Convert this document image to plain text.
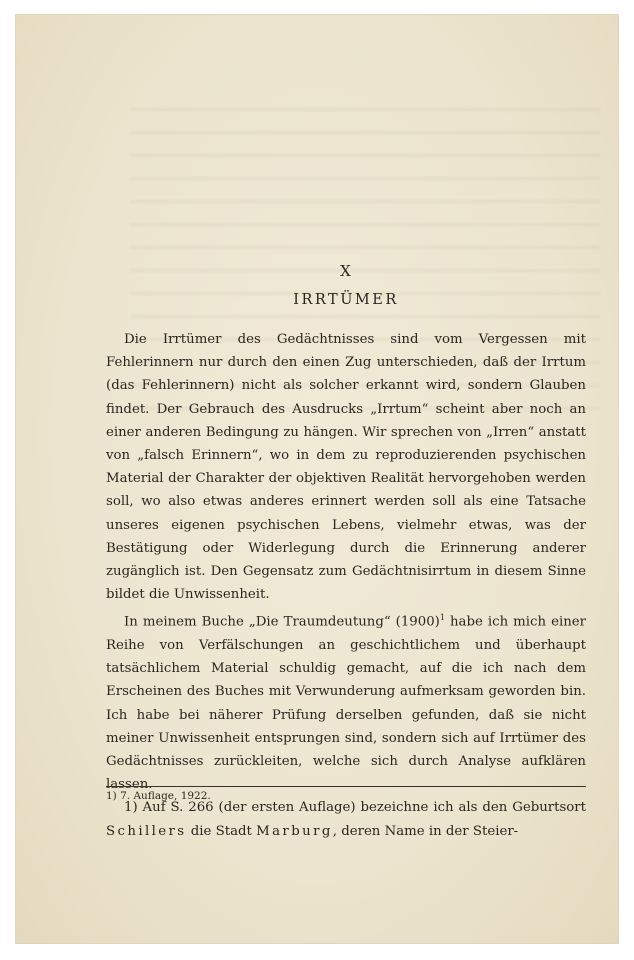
X
IRRTÜMER

Die Irrtümer des Gedächtnisses sind vom Vergessen mit Fehlerinnern nur durch den einen Zug unterschieden, daß der Irrtum (das Fehlerinnern) nicht als solcher erkannt wird, sondern Glauben findet. Der Gebrauch des Ausdrucks „Irrtum“ scheint aber noch an einer anderen Bedingung zu hängen. Wir sprechen von „Irren“ anstatt von „falsch Erinnern“, wo in dem zu reproduzierenden psychischen Material der Charakter der objektiven Realität hervorgehoben werden soll, wo also etwas anderes erinnert werden soll als eine Tatsache unseres eigenen psychischen Lebens, vielmehr etwas, was der Bestätigung oder Widerlegung durch die Erinnerung anderer zugänglich ist. Den Gegensatz zum Gedächtnisirrtum in diesem Sinne bildet die Unwissenheit.

In meinem Buche „Die Traumdeutung“ $(1900)^1$ habe ich mich einer Reihe von Verfälschungen an geschichtlichem und überhaupt tatsächlichem Material schuldig gemacht, auf die ich nach dem Erscheinen des Buches mit Verwunderung aufmerksam geworden bin. Ich habe bei näherer Prüfung derselben gefunden, daß sie nicht meiner Unwissenheit entsprungen sind, sondern sich auf Irrtümer des Gedächtnisses zurückleiten, welche sich durch Analyse aufklären lassen.

1) Auf S. 266 (der ersten Auflage) bezeichne ich als den Geburtsort Schillers die Stadt Marburg, deren Name in der Steier-

1) 7. Auflage, 1922.
